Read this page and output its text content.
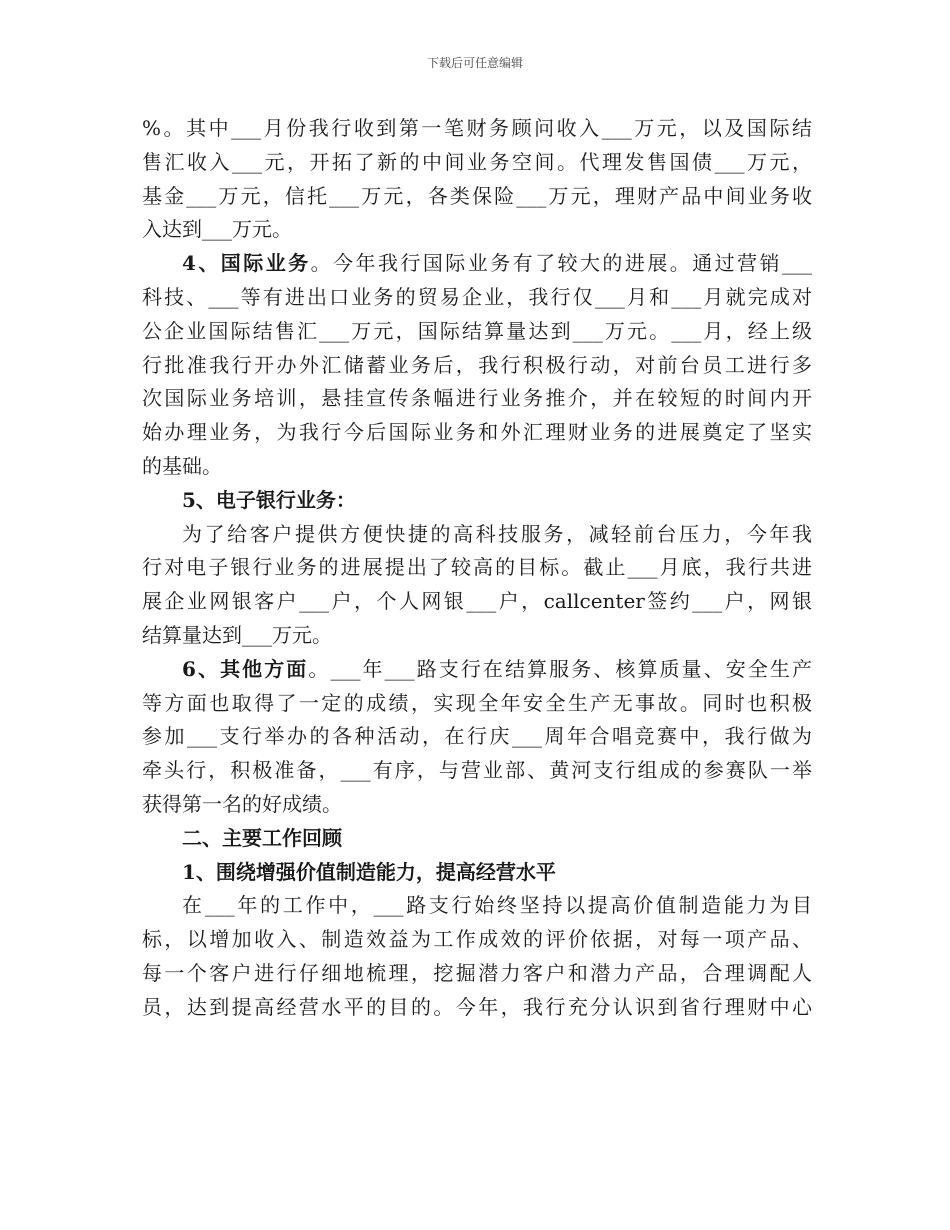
下载后可任意编辑
%。其中___月份我行收到第一笔财务顾问收入___万元，以及国际结
售汇收入___元，开拓了新的中间业务空间。代理发售国债___万元，
基金___万元，信托___万元，各类保险___万元，理财产品中间业务收
入达到___万元。
4、国际业务。今年我行国际业务有了较大的进展。通过营销___
科技、___等有进出口业务的贸易企业，我行仅___月和___月就完成对
公企业国际结售汇___万元，国际结算量达到___万元。___月，经上级
行批准我行开办外汇储蓄业务后，我行积极行动，对前台员工进行多
次国际业务培训，悬挂宣传条幅进行业务推介，并在较短的时间内开
始办理业务，为我行今后国际业务和外汇理财业务的进展奠定了坚实
的基础。
5、电子银行业务：
为了给客户提供方便快捷的高科技服务，减轻前台压力，今年我
行对电子银行业务的进展提出了较高的目标。截止___月底，我行共进
展企业网银客户___户，个人网银___户，callcenter签约___户，网银
结算量达到___万元。
6、其他方面。___年___路支行在结算服务、核算质量、安全生产
等方面也取得了一定的成绩，实现全年安全生产无事故。同时也积极
参加___支行举办的各种活动，在行庆___周年合唱竞赛中，我行做为
牵头行，积极准备，___有序，与营业部、黄河支行组成的参赛队一举
获得第一名的好成绩。
二、主要工作回顾
1、围绕增强价值制造能力，提高经营水平
在___年的工作中，___路支行始终坚持以提高价值制造能力为目
标，以增加收入、制造效益为工作成效的评价依据，对每一项产品、
每一个客户进行仔细地梳理，挖掘潜力客户和潜力产品，合理调配人
员，达到提高经营水平的目的。今年，我行充分认识到省行理财中心
